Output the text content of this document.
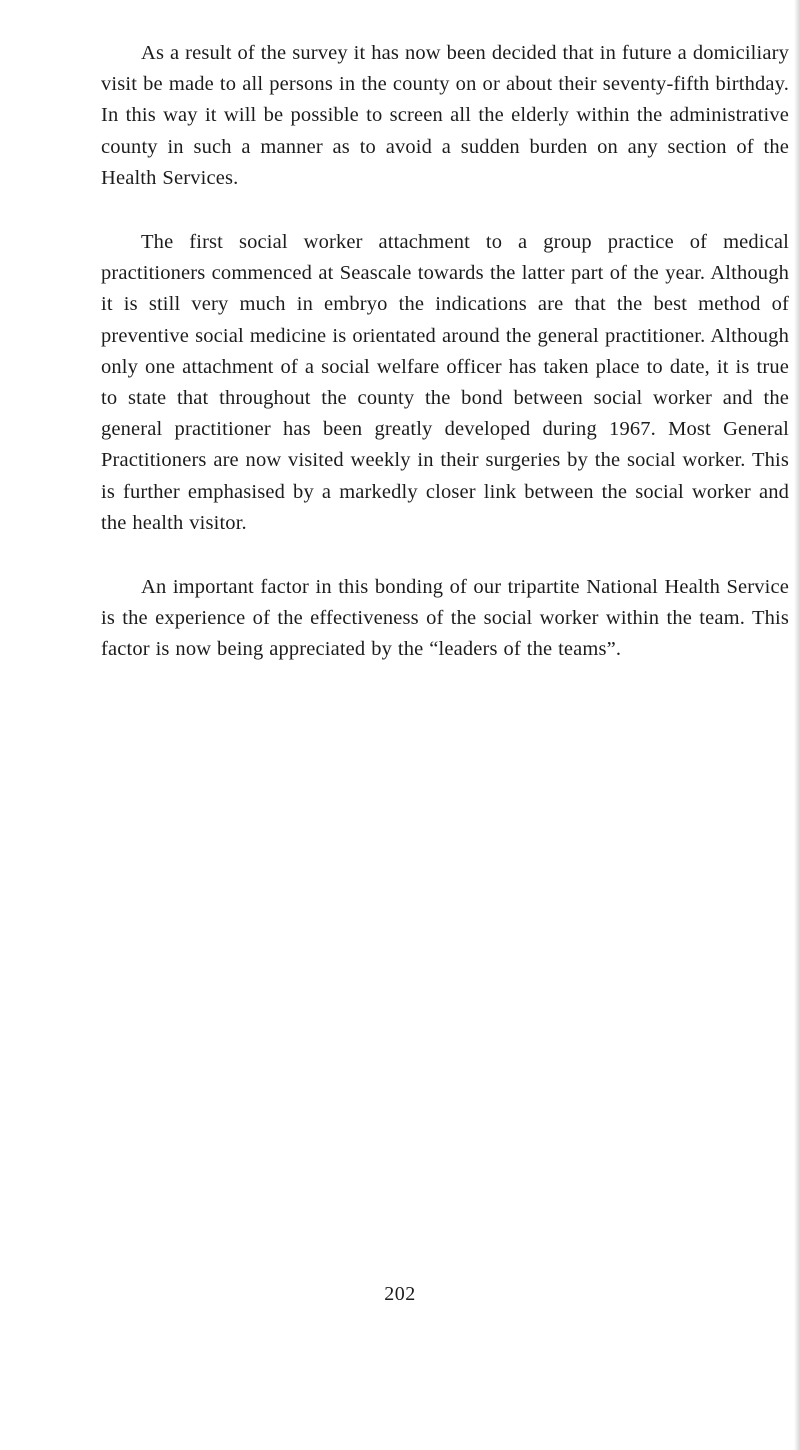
As a result of the survey it has now been decided that in future a domiciliary visit be made to all persons in the county on or about their seventy-fifth birthday. In this way it will be possible to screen all the elderly within the administrative county in such a manner as to avoid a sudden burden on any section of the Health Services.

The first social worker attachment to a group practice of medical practitioners commenced at Seascale towards the latter part of the year. Although it is still very much in embryo the indications are that the best method of preventive social medicine is orientated around the general practitioner. Although only one attachment of a social welfare officer has taken place to date, it is true to state that throughout the county the bond between social worker and the general practitioner has been greatly developed during 1967. Most General Practitioners are now visited weekly in their surgeries by the social worker. This is further emphasised by a markedly closer link between the social worker and the health visitor.

An important factor in this bonding of our tripartite National Health Service is the experience of the effectiveness of the social worker within the team. This factor is now being appreciated by the “leaders of the teams”.

202
